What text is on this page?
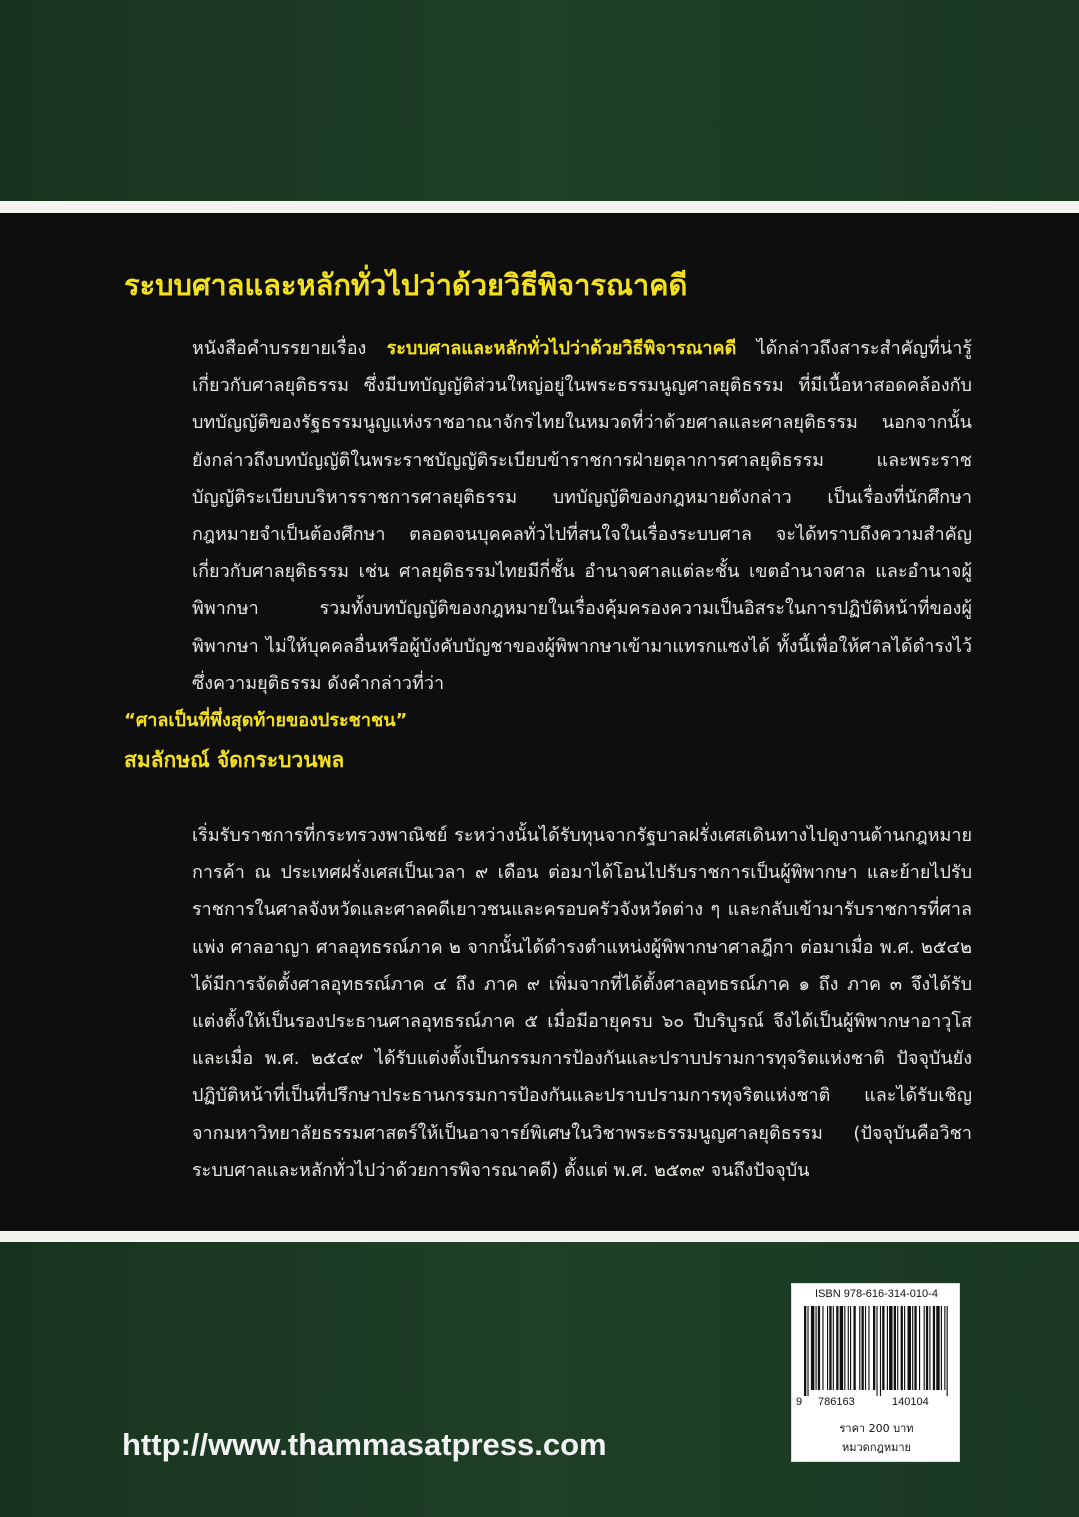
ระบบศาลและหลักทั่วไปว่าด้วยวิธีพิจารณาคดี
หนังสือคำบรรยายเรื่อง ระบบศาลและหลักทั่วไปว่าด้วยวิธีพิจารณาคดี ได้กล่าวถึงสาระสำคัญที่น่ารู้เกี่ยวกับศาลยุติธรรม ซึ่งมีบทบัญญัติส่วนใหญ่อยู่ในพระธรรมนูญศาลยุติธรรม ที่มีเนื้อหาสอดคล้องกับบทบัญญัติของรัฐธรรมนูญแห่งราชอาณาจักรไทยในหมวดที่ว่าด้วยศาลและศาลยุติธรรม นอกจากนั้นยังกล่าวถึงบทบัญญัติในพระราชบัญญัติระเบียบข้าราชการฝ่ายตุลาการศาลยุติธรรม และพระราชบัญญัติระเบียบบริหารราชการศาลยุติธรรม บทบัญญัติของกฎหมายดังกล่าว เป็นเรื่องที่นักศึกษากฎหมายจำเป็นต้องศึกษา ตลอดจนบุคคลทั่วไปที่สนใจในเรื่องระบบศาล จะได้ทราบถึงความสำคัญเกี่ยวกับศาลยุติธรรม เช่น ศาลยุติธรรมไทยมีกี่ชั้น อำนาจศาลแต่ละชั้น เขตอำนาจศาล และอำนาจผู้พิพากษา รวมทั้งบทบัญญัติของกฎหมายในเรื่องคุ้มครองความเป็นอิสระในการปฏิบัติหน้าที่ของผู้พิพากษา ไม่ให้บุคคลอื่นหรือผู้บังคับบัญชาของผู้พิพากษาเข้ามาแทรกแซงได้ ทั้งนี้เพื่อให้ศาลได้ดำรงไว้ซึ่งความยุติธรรม ดังคำกล่าวที่ว่า
“ศาลเป็นที่พึ่งสุดท้ายของประชาชน”
สมลักษณ์ จัดกระบวนพล
เริ่มรับราชการที่กระทรวงพาณิชย์ ระหว่างนั้นได้รับทุนจากรัฐบาลฝรั่งเศสเดินทางไปดูงานด้านกฎหมายการค้า ณ ประเทศฝรั่งเศสเป็นเวลา ๙ เดือน ต่อมาได้โอนไปรับราชการเป็นผู้พิพากษา และย้ายไปรับราชการในศาลจังหวัดและศาลคดีเยาวชนและครอบครัวจังหวัดต่าง ๆ และกลับเข้ามารับราชการที่ศาลแพ่ง ศาลอาญา ศาลอุทธรณ์ภาค ๒ จากนั้นได้ดำรงตำแหน่งผู้พิพากษาศาลฎีกา ต่อมาเมื่อ พ.ศ. ๒๕๔๒ ได้มีการจัดตั้งศาลอุทธรณ์ภาค ๔ ถึง ภาค ๙ เพิ่มจากที่ได้ตั้งศาลอุทธรณ์ภาค ๑ ถึง ภาค ๓ จึงได้รับแต่งตั้งให้เป็นรองประธานศาลอุทธรณ์ภาค ๕ เมื่อมีอายุครบ ๖๐ ปีบริบูรณ์ จึงได้เป็นผู้พิพากษาอาวุโส และเมื่อ พ.ศ. ๒๕๔๙ ได้รับแต่งตั้งเป็นกรรมการป้องกันและปราบปรามการทุจริตแห่งชาติ ปัจจุบันยังปฏิบัติหน้าที่เป็นที่ปรึกษาประธานกรรมการป้องกันและปราบปรามการทุจริตแห่งชาติ และได้รับเชิญจากมหาวิทยาลัยธรรมศาสตร์ให้เป็นอาจารย์พิเศษในวิชาพระธรรมนูญศาลยุติธรรม (ปัจจุบันคือวิชาระบบศาลและหลักทั่วไปว่าด้วยการพิจารณาคดี) ตั้งแต่ พ.ศ. ๒๕๓๙ จนถึงปัจจุบัน
http://www.thammasatpress.com
ISBN 978-616-314-010-4
9 786163	140104
ราคา 200 บาท
หมวดกฎหมาย
